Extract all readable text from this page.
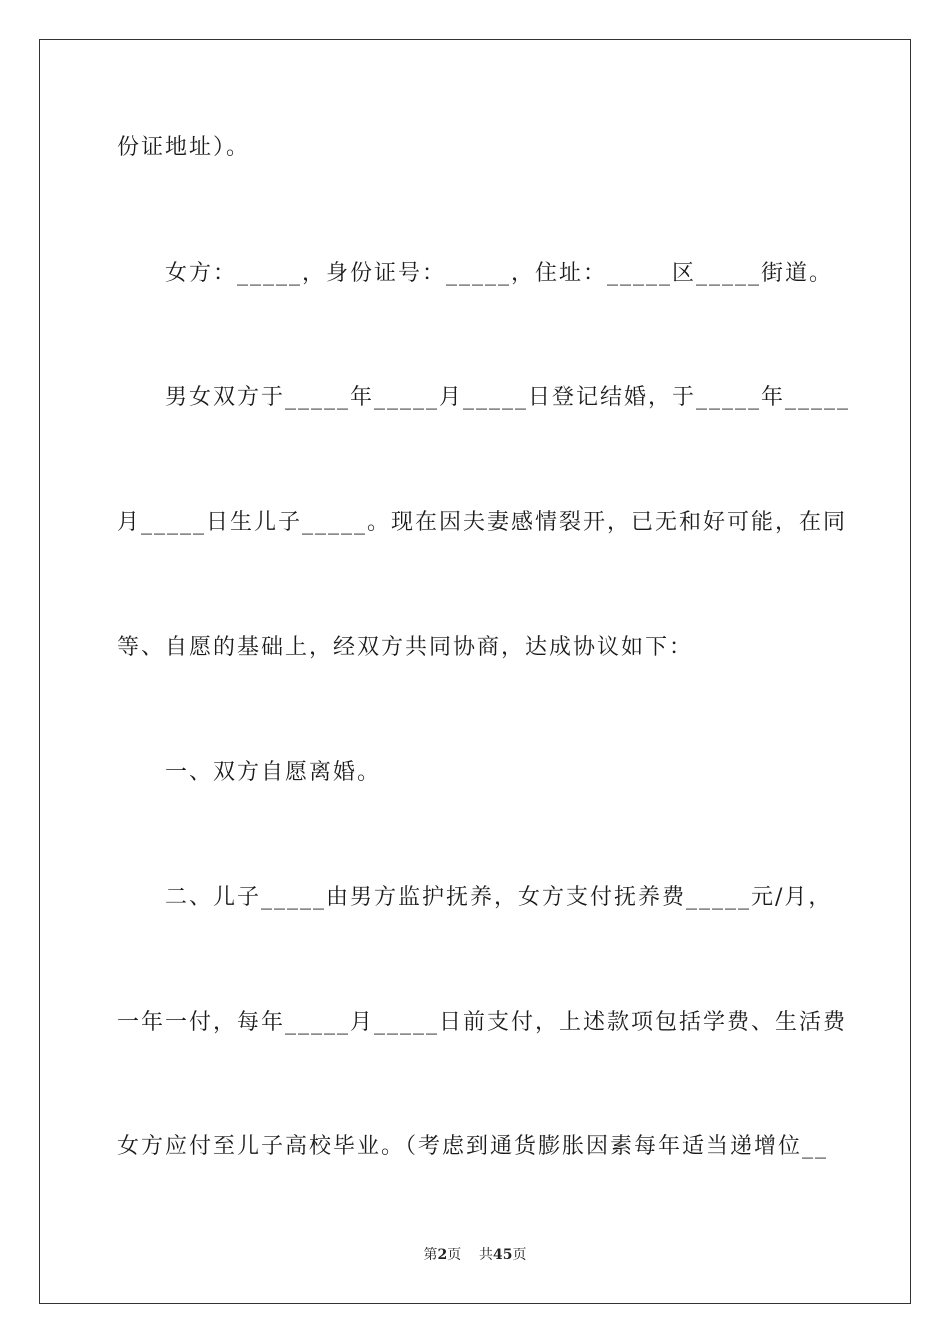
份证地址）。
女方：_____，身份证号：_____，住址：_____区_____街道。
男女双方于_____年_____月_____日登记结婚，于_____年_____
月_____日生儿子_____。现在因夫妻感情裂开，已无和好可能，在同
等、自愿的基础上，经双方共同协商，达成协议如下：
一、双方自愿离婚。
二、儿子_____由男方监护抚养，女方支付抚养费_____元/月，
一年一付，每年_____月_____日前支付，上述款项包括学费、生活费
女方应付至儿子高校毕业。（考虑到通货膨胀因素每年适当递增位__
第2页 共45页
